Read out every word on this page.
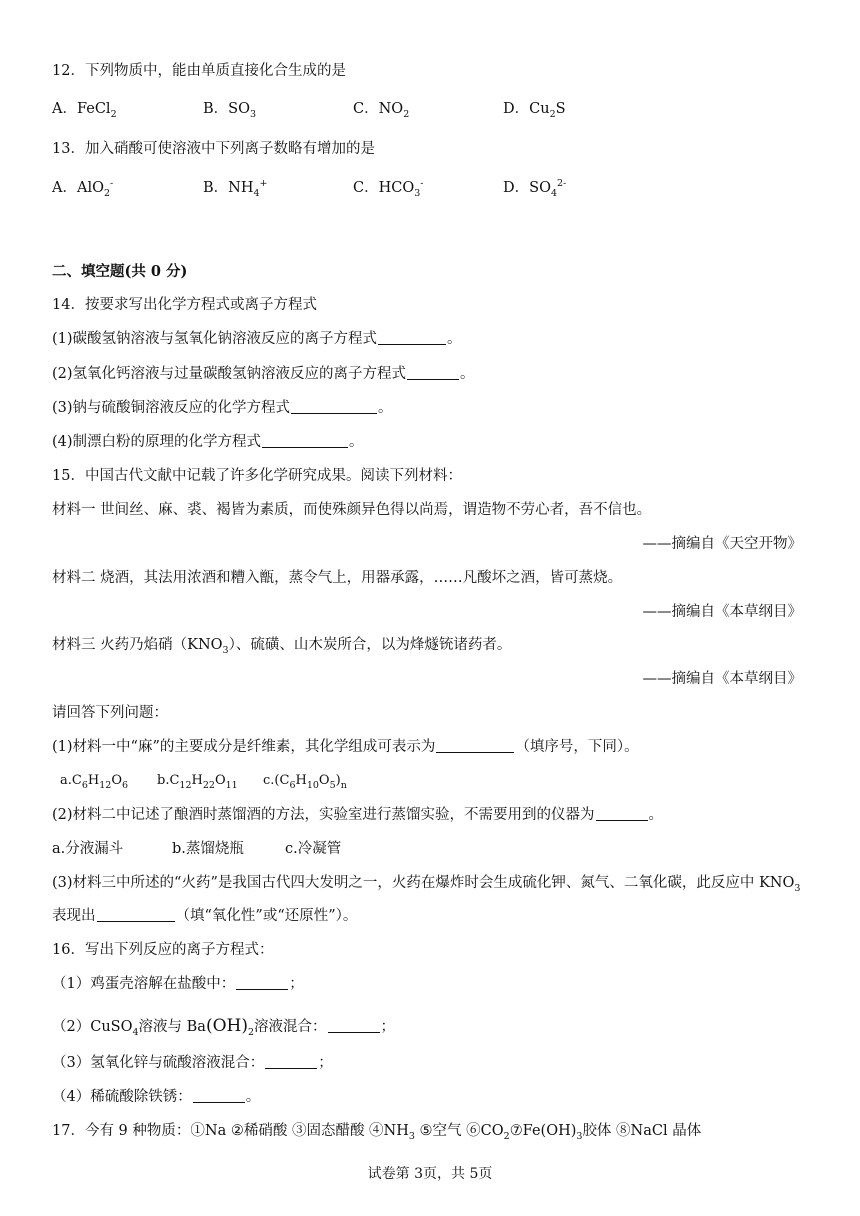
12．下列物质中，能由单质直接化合生成的是
A．FeCl$_2$	B．$SO_3$	C．$NO_2$	D．$Cu_2S$
13．加入硝酸可使溶液中下列离子数略有增加的是
A．AlO$_2$-	B．$NH_4^+$	C．$HCO_3^-$	D．$SO_4^{2-}$
二、填空题(共 0 分)
14．按要求写出化学方程式或离子方程式
(1)碳酸氢钠溶液与氢氧化钠溶液反应的离子方程式	。
(2)氢氧化钙溶液与过量碳酸氢钠溶液反应的离子方程式	。
(3)钠与硫酸铜溶液反应的化学方程式	。
(4)制漂白粉的原理的化学方程式	。
15．中国古代文献中记载了许多化学研究成果。阅读下列材料：
材料一 世间丝、麻、裘、褐皆为素质，而使殊颜异色得以尚焉，谓造物不劳心者，吾不信也。
——摘编自《天空开物》
材料二 烧酒，其法用浓酒和糟入甑，蒸令气上，用器承露，……凡酸坏之酒，皆可蒸烧。
——摘编自《本草纲目》
材料三 火药乃焰硝$(KNO_3)$、硫磺、山木炭所合，以为烽燧铳诸药者。
——摘编自《本草纲目》
请回答下列问题：
(1)材料一中“麻”的主要成分是纤维素，其化学组成可表示为	（填序号，下同）。
$a.C_6H_{12}O_6$ $b.C_{12}H_{22}O_{11}$ $c.(C_6H_{10}O_5)_n$
(2)材料二中记述了酿酒时蒸馏酒的方法，实验室进行蒸馏实验，不需要用到的仪器为	。
a.分液漏斗	b.蒸馏烧瓶	c.冷凝管
(3)材料三中所述的“火药”是我国古代四大发明之一，火药在爆炸时会生成硫化钾、氮气、二氧化碳，此反应中 $KNO_3$
表现出	（填“氧化性”或“还原性”）。
16．写出下列反应的离子方程式：
（1）鸡蛋壳溶解在盐酸中：	；
（2）CuSO$_4$溶液与 $Ba(OH)_2$溶液混合：	；
（3）氢氧化锌与硫酸溶液混合：	；
（4）稀硫酸除铁锈：	。
17．今有 9 种物质：①Na ②稀硝酸 ③固态醋酸 $④NH_3$ ⑤空气 $⑥CO_2⑦Fe(OH)_3$胶体 ⑧NaCl 晶体
试卷第 3页，共 5页
